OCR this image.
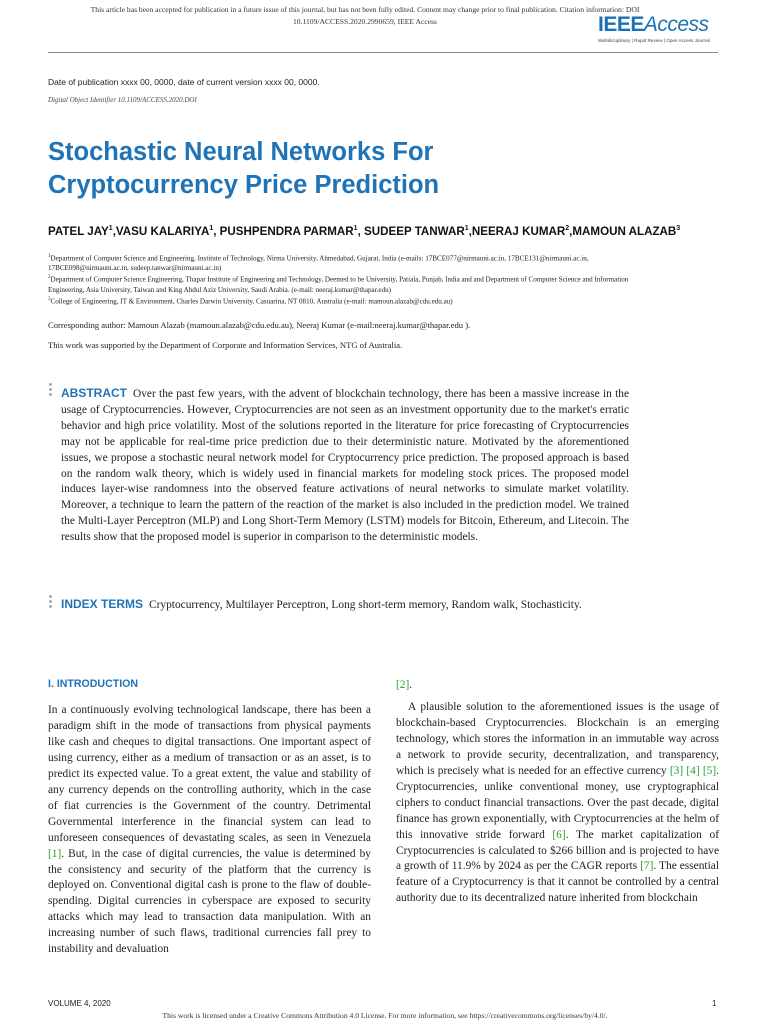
This article has been accepted for publication in a future issue of this journal, but has not been fully edited. Content may change prior to final publication. Citation information: DOI
10.1109/ACCESS.2020.2990659, IEEE Access	IEEEAccess
Multidisciplinary | Rapid Review | Open Access Journal
Date of publication xxxx 00, 0000, date of current version xxxx 00, 0000.
Digital Object Identifier 10.1109/ACCESS.2020.DOI
Stochastic Neural Networks For
Cryptocurrency Price Prediction
PATEL JAY$^1$,VASU KALARIYA$^1$, PUSHPENDRA PARMAR$^1$, SUDEEP TANWAR$^1$,NEERAJ KUMAR$^2$,MAMOUN ALAZAB$^3$
$^1$Department of Computer Science and Engineering, Institute of Technology, Nirma University, Ahmedabad, Gujarat, India (e-mails: 17BCE077@nirmauni.ac.in, 17BCE131@nirmauni.ac.in, 17BCE098@nirmauni.ac.in, sudeep.tanwar@nirmauni.ac.in)
$^2$Department of Computer Science Engineering, Thapar Institute of Engineering and Technology, Deemed to be University, Patiala, Punjab, India and and Department of Computer Science and Information Engineering, Asia University, Taiwan and King Abdul Aziz University, Saudi Arabia. (e-mail: neeraj.kumar@thapar.edu)
$^3$College of Engineering, IT & Environment, Charles Darwin University, Casuarina, NT 0810, Australia (e-mail: mamoun.alazab@cdu.edu.au)
Corresponding author: Mamoun Alazab (mamoun.alazab@cdu.edu.au), Neeraj Kumar (e-mail:neeraj.kumar@thapar.edu ).
This work was supported by the Department of Corporate and Information Services, NTG of Australia.
ABSTRACT Over the past few years, with the advent of blockchain technology, there has been a massive increase in the usage of Cryptocurrencies. However, Cryptocurrencies are not seen as an investment opportunity due to the market's erratic behavior and high price volatility. Most of the solutions reported in the literature for price forecasting of Cryptocurrencies may not be applicable for real-time price prediction due to their deterministic nature. Motivated by the aforementioned issues, we propose a stochastic neural network model for Cryptocurrency price prediction. The proposed approach is based on the random walk theory, which is widely used in financial markets for modeling stock prices. The proposed model induces layer-wise randomness into the observed feature activations of neural networks to simulate market volatility. Moreover, a technique to learn the pattern of the reaction of the market is also included in the prediction model. We trained the Multi-Layer Perceptron (MLP) and Long Short-Term Memory (LSTM) models for Bitcoin, Ethereum, and Litecoin. The results show that the proposed model is superior in comparison to the deterministic models.
INDEX TERMS Cryptocurrency, Multilayer Perceptron, Long short-term memory, Random walk, Stochasticity.
I. INTRODUCTION

In a continuously evolving technological landscape, there has been a paradigm shift in the mode of transactions from physical payments like cash and cheques to digital transactions. One important aspect of using currency, either as a medium of transaction or as an asset, is to predict its expected value. To a great extent, the value and stability of any currency depends on the controlling authority, which in the case of fiat currencies is the Government of the country. Detrimental Governmental interference in the financial system can lead to unforeseen consequences of devastating scales, as seen in Venezuela [1]. But, in the case of digital currencies, the value is determined by the consistency and security of the platform that the currency is deployed on. Conventional digital cash is prone to the flaw of double-spending. Digital currencies in cyberspace are exposed to security attacks which may lead to transaction data manipulation. With an increasing number of such flaws, traditional currencies fall prey to instability and devaluation

[2].

A plausible solution to the aforementioned issues is the usage of blockchain-based Cryptocurrencies. Blockchain is an emerging technology, which stores the information in an immutable way across a network to provide security, decentralization, and transparency, which is precisely what is needed for an effective currency [3] [4] [5]. Cryptocurrencies, unlike conventional money, use cryptographical ciphers to conduct financial transactions. Over the past decade, digital finance has grown exponentially, with Cryptocurrencies at the helm of this innovative stride forward [6]. The market capitalization of Cryptocurrencies is calculated to $266 billion and is projected to have a growth of 11.9% by 2024 as per the CAGR reports [7]. The essential feature of a Cryptocurrency is that it cannot be controlled by a central authority due to its decentralized nature inherited from blockchain

VOLUME 4, 2020	1
This work is licensed under a Creative Commons Attribution 4.0 License. For more information, see https://creativecommons.org/licenses/by/4.0/.
